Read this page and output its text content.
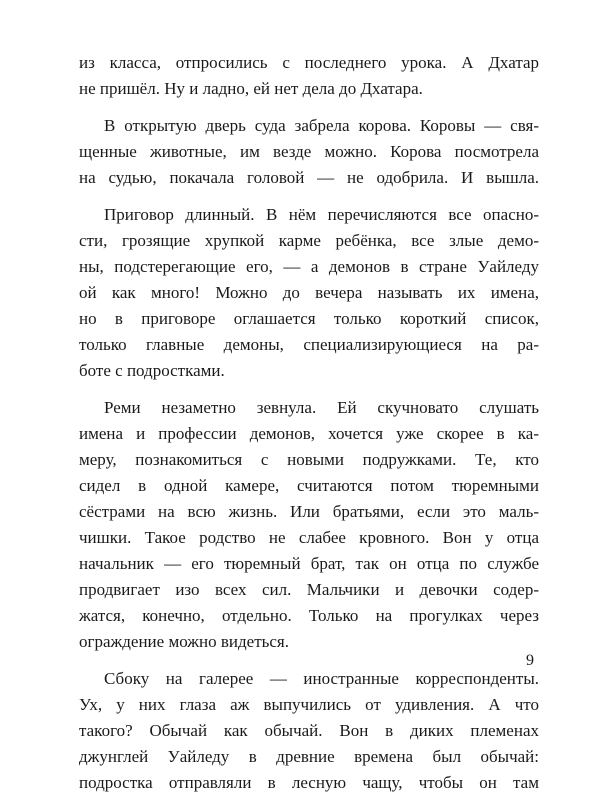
из класса, отпросились с последнего урока. А Дхатар
не пришёл. Ну и ладно, ей нет дела до Дхатара.

В открытую дверь суда забрела корова. Коровы — свя-
щенные животные, им везде можно. Корова посмотрела
на судью, покачала головой — не одобрила. И вышла.

Приговор длинный. В нём перечисляются все опасно-
сти, грозящие хрупкой карме ребёнка, все злые демо-
ны, подстерегающие его, — а демонов в стране Уайледу
ой как много! Можно до вечера называть их имена,
но в приговоре оглашается только короткий список,
только главные демоны, специализирующиеся на ра-
боте с подростками.

Реми незаметно зевнула. Ей скучновато слушать
имена и профессии демонов, хочется уже скорее в ка-
меру, познакомиться с новыми подружками. Те, кто
сидел в одной камере, считаются потом тюремными
сёстрами на всю жизнь. Или братьями, если это маль-
чишки. Такое родство не слабее кровного. Вон у отца
начальник — его тюремный брат, так он отца по службе
продвигает изо всех сил. Мальчики и девочки содер-
жатся, конечно, отдельно. Только на прогулках через
ограждение можно видеться.

Сбоку на галерее — иностранные корреспонденты.
Ух, у них глаза аж выпучились от удивления. А что
такого? Обычай как обычай. Вон в диких племенах
джунглей Уайледу в древние времена был обычай:
подростка отправляли в лесную чащу, чтобы он там

9
